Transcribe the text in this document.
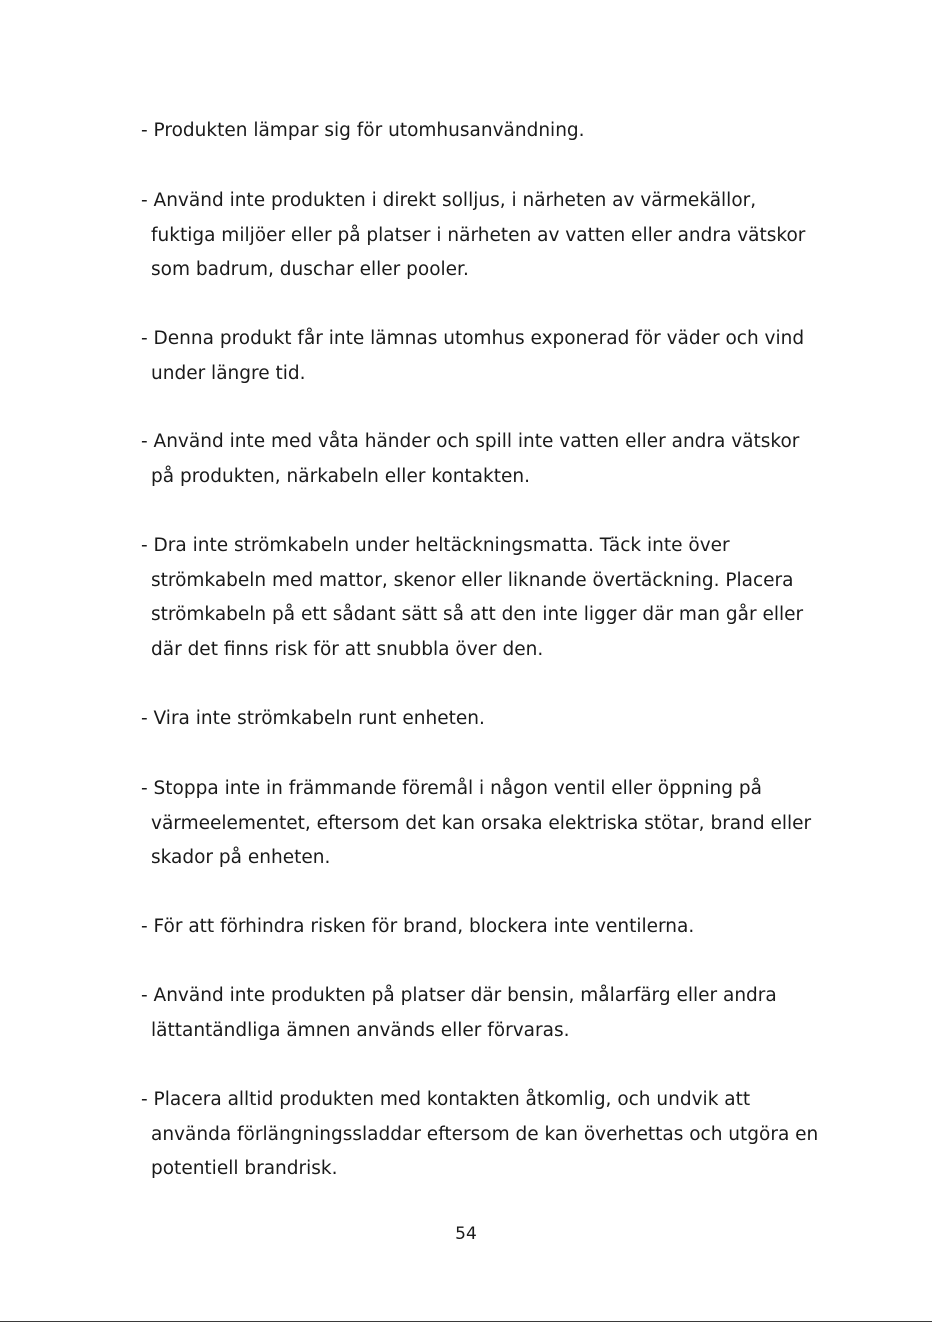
- Produkten lämpar sig för utomhusanvändning.
- Använd inte produkten i direkt solljus, i närheten av värmekällor,
fuktiga miljöer eller på platser i närheten av vatten eller andra vätskor
som badrum, duschar eller pooler.
- Denna produkt får inte lämnas utomhus exponerad för väder och vind
under längre tid.
- Använd inte med våta händer och spill inte vatten eller andra vätskor
på produkten, närkabeln eller kontakten.
- Dra inte strömkabeln under heltäckningsmatta. Täck inte över
strömkabeln med mattor, skenor eller liknande övertäckning. Placera
strömkabeln på ett sådant sätt så att den inte ligger där man går eller
där det finns risk för att snubbla över den.
- Vira inte strömkabeln runt enheten.
- Stoppa inte in främmande föremål i någon ventil eller öppning på
värmeelementet, eftersom det kan orsaka elektriska stötar, brand eller
skador på enheten.
- För att förhindra risken för brand, blockera inte ventilerna.
- Använd inte produkten på platser där bensin, målarfärg eller andra
lättantändliga ämnen används eller förvaras.
- Placera alltid produkten med kontakten åtkomlig, och undvik att
använda förlängningssladdar eftersom de kan överhettas och utgöra en
potentiell brandrisk.
54
